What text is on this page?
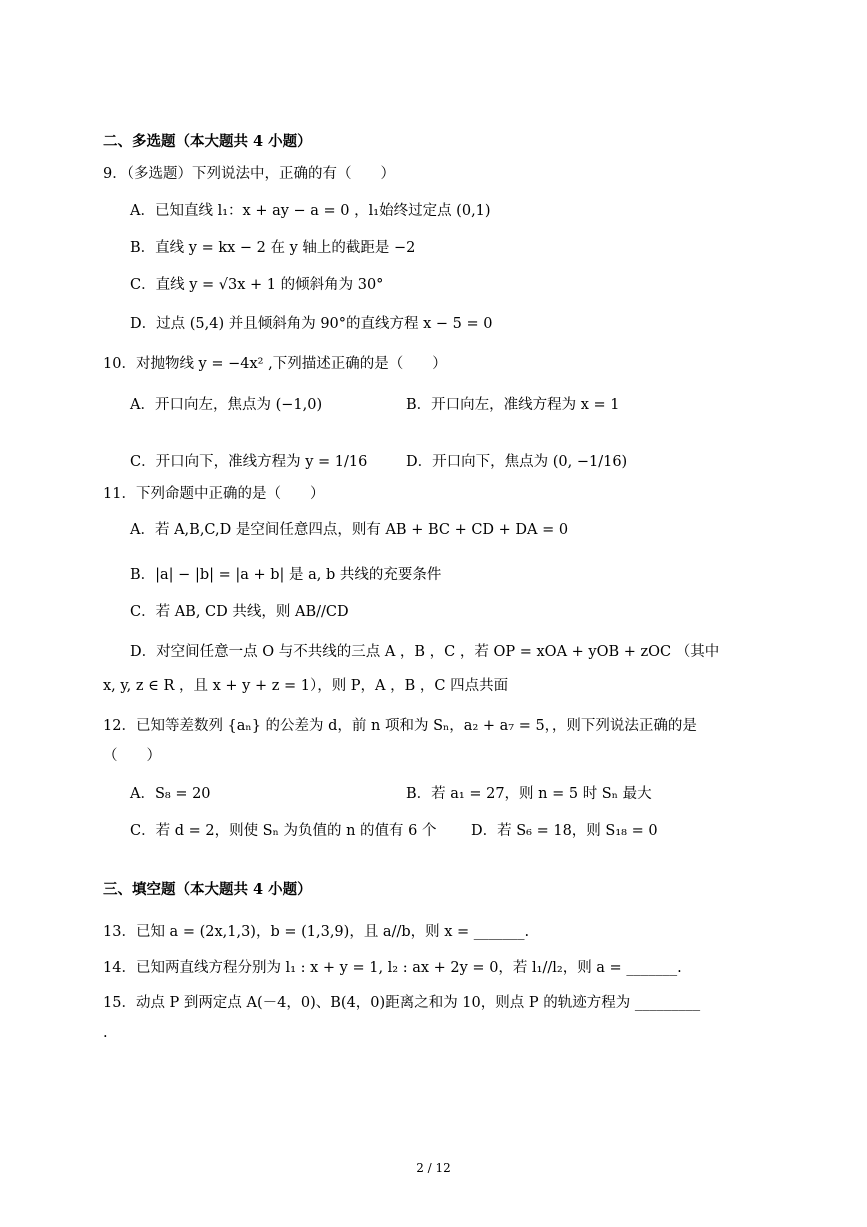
二、多选题（本大题共 4 小题）
9．（多选题）下列说法中，正确的有（　　）
A．已知直线 l₁：x + ay − a = 0 ，l₁始终过定点 (0,1)
B．直线 y = kx − 2 在 y 轴上的截距是 −2
C．直线 y = √3x + 1 的倾斜角为 30°
D．过点 (5,4) 并且倾斜角为 90°的直线方程 x − 5 = 0
10．对抛物线 y = −4x² ,下列描述正确的是（　　）
A．开口向左，焦点为 (−1,0)	B．开口向左，准线方程为 x = 1
C．开口向下，准线方程为 y = 1/16	D．开口向下，焦点为 (0, −1/16)
11．下列命题中正确的是（　　）
A．若 A,B,C,D 是空间任意四点，则有 AB + BC + CD + DA = 0
B．|a| − |b| = |a + b| 是 a, b 共线的充要条件
C．若 AB, CD 共线，则 AB//CD
D．对空间任意一点 O 与不共线的三点 A ，B ，C ，若 OP = xOA + yOB + zOC （其中
x, y, z ∈ R ，且 x + y + z = 1），则 P，A ，B ，C 四点共面
12．已知等差数列 {aₙ} 的公差为 d，前 n 项和为 Sₙ，a₂ + a₇ = 5，，则下列说法正确的是
（　　）
A．S₈ = 20	B．若 a₁ = 27，则 n = 5 时 Sₙ 最大
C．若 d = 2，则使 Sₙ 为负值的 n 的值有 6 个 D．若 S₆ = 18，则 S₁₈ = 0
三、填空题（本大题共 4 小题）
13．已知 a = (2x,1,3)，b = (1,3,9)，且 a//b，则 x = _______.
14．已知两直线方程分别为 l₁ : x + y = 1, l₂ : ax + 2y = 0，若 l₁//l₂，则 a = _______.
15．动点 P 到两定点 A(－4，0)、B(4，0)距离之和为 10，则点 P 的轨迹方程为 _________
.
2 / 12
